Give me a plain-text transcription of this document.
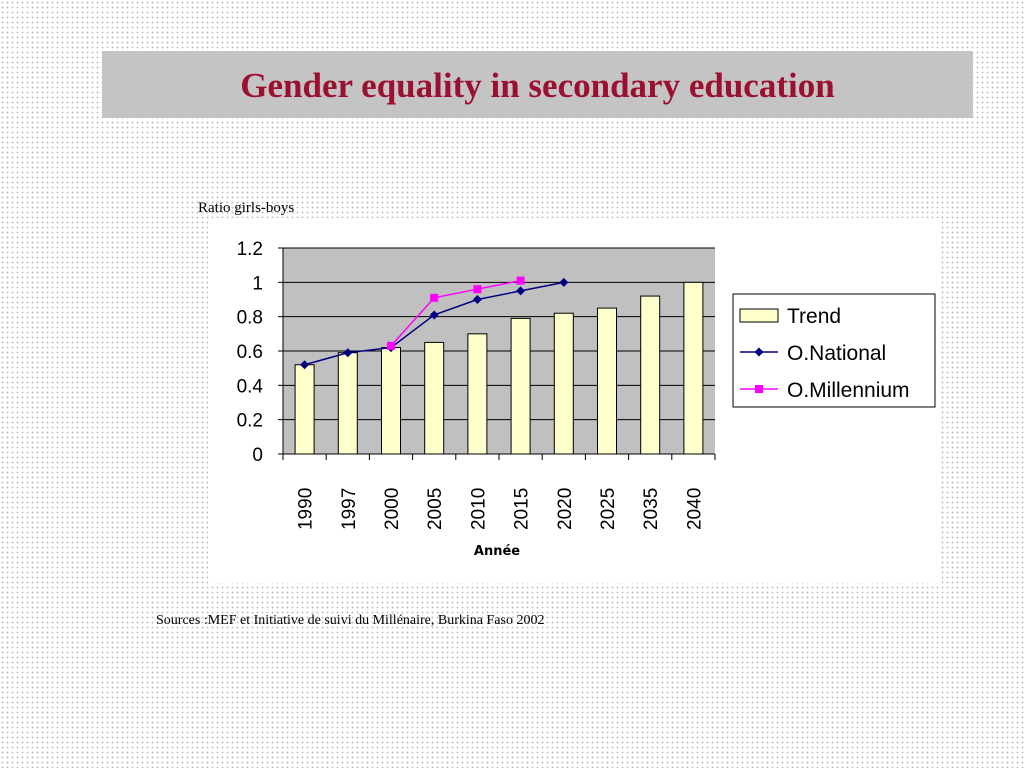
Gender equality in secondary education
Ratio girls-boys
0
0.2
0.4
0.6
0.8
1
1.2
1990 1997 2000 2005 2010 2015 2020 2025 2035 2040
Année
Trend
O.National
O.Millennium
Sources :MEF et Initiative de suivi du Millénaire, Burkina Faso 2002
